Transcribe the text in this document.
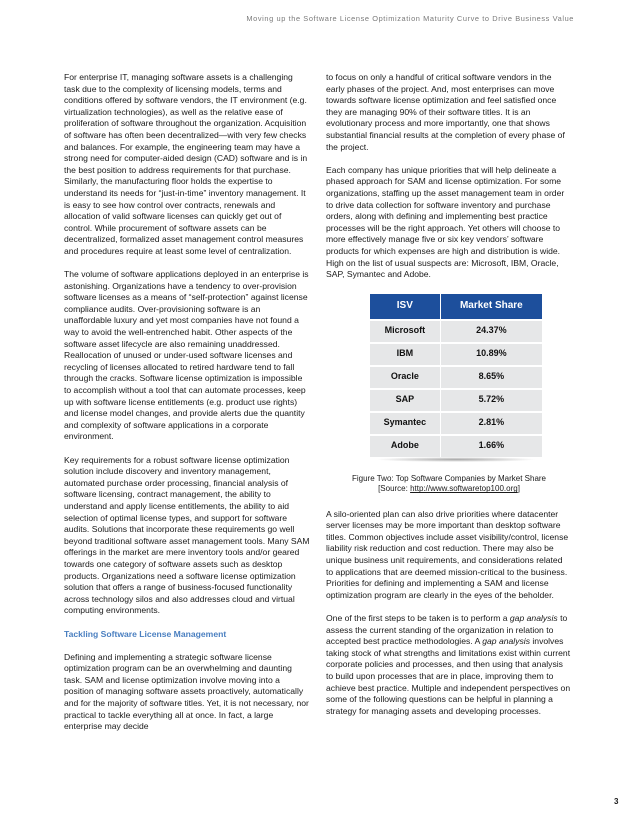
Moving up the Software License Optimization Maturity Curve to Drive Business Value

For enterprise IT, managing software assets is a challenging task due to the complexity of licensing models, terms and conditions offered by software vendors, the IT environment (e.g. virtualization technologies), as well as the relative ease of proliferation of software throughout the organization. Acquisition of software has often been decentralized—with very few checks and balances. For example, the engineering team may have a strong need for computer-aided design (CAD) software and is in the best position to address requirements for that purchase. Similarly, the manufacturing floor holds the expertise to understand its needs for “just-in-time” inventory management. It is easy to see how control over contracts, renewals and allocation of valid software licenses can quickly get out of control. While procurement of software assets can be decentralized, formalized asset management control measures and procedures require at least some level of centralization.

The volume of software applications deployed in an enterprise is astonishing. Organizations have a tendency to over-provision software licenses as a means of “self-protection” against license compliance audits. Over-provisioning software is an unaffordable luxury and yet most companies have not found a way to avoid the well-entrenched habit. Other aspects of the software asset lifecycle are also remaining unaddressed. Reallocation of unused or under-used software licenses and recycling of licenses allocated to retired hardware tend to fall through the cracks. Software license optimization is impossible to accomplish without a tool that can automate processes, keep up with software license entitlements (e.g. product use rights) and license model changes, and provide alerts due the quantity and complexity of software applications in a corporate environment.

Key requirements for a robust software license optimization solution include discovery and inventory management, automated purchase order processing, financial analysis of software licensing, contract management, the ability to understand and apply license entitlements, the ability to aid selection of optimal license types, and support for software audits. Solutions that incorporate these requirements go well beyond traditional software asset management tools. Many SAM offerings in the market are mere inventory tools and/or geared towards one category of software assets such as desktop products. Organizations need a software license optimization solution that offers a range of business-focused functionality across technology silos and also addresses cloud and virtual computing environments.

Tackling Software License Management

Defining and implementing a strategic software license optimization program can be an overwhelming and daunting task. SAM and license optimization involve moving into a position of managing software assets proactively, automatically and for the majority of software titles. Yet, it is not necessary, nor practical to tackle everything all at once. In fact, a large enterprise may decide

to focus on only a handful of critical software vendors in the early phases of the project. And, most enterprises can move towards software license optimization and feel satisfied once they are managing 90% of their software titles. It is an evolutionary process and more importantly, one that shows substantial financial results at the completion of every phase of the project.

Each company has unique priorities that will help delineate a phased approach for SAM and license optimization. For some organizations, staffing up the asset management team in order to drive data collection for software inventory and purchase orders, along with defining and implementing best practice processes will be the right approach. Yet others will choose to more effectively manage five or six key vendors’ software products for which expenses are high and distribution is wide. High on the list of usual suspects are: Microsoft, IBM, Oracle, SAP, Symantec and Adobe.

ISV	Market Share
Microsoft	24.37%
IBM	10.89%
Oracle	8.65%
SAP	5.72%
Symantec	2.81%
Adobe	1.66%
Figure Two: Top Software Companies by Market Share
[Source: http://www.softwaretop100.org]

A silo-oriented plan can also drive priorities where datacenter server licenses may be more important than desktop software titles. Common objectives include asset visibility/control, license liability risk reduction and cost reduction. There may also be unique business unit requirements, and considerations related to applications that are deemed mission-critical to the business. Priorities for defining and implementing a SAM and license optimization program are clearly in the eyes of the beholder.

One of the first steps to be taken is to perform a gap analysis to assess the current standing of the organization in relation to accepted best practice methodologies. A gap analysis involves taking stock of what strengths and limitations exist within current corporate policies and processes, and then using that analysis to build upon processes that are in place, improving them to achieve best practice. Multiple and independent perspectives on some of the following questions can be helpful in planning a strategy for managing assets and developing processes.

3
